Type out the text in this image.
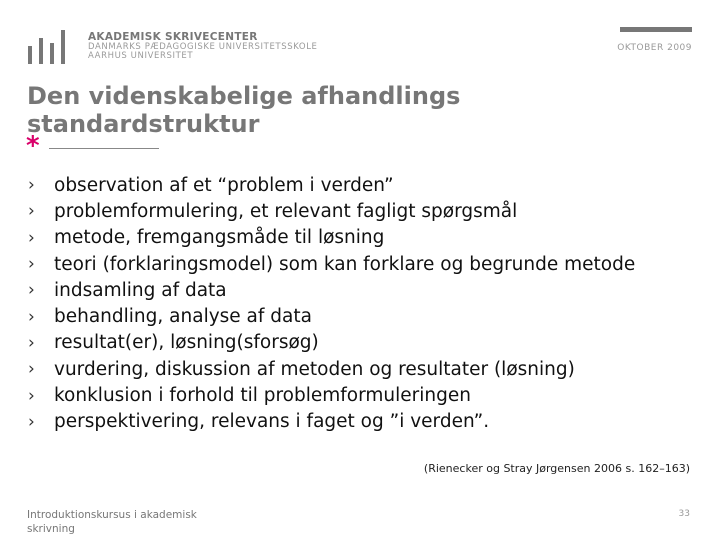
AKADEMISK SKRIVECENTER
DANMARKS PÆDAGOGISKE UNIVERSITETSSKOLE
AARHUS UNIVERSITET
OKTOBER 2009
Den videnskabelige afhandlings standardstruktur
*
›	observation af et “problem i verden”
›	problemformulering, et relevant fagligt spørgsmål
›	metode, fremgangsmåde til løsning
›	teori (forklaringsmodel) som kan forklare og begrunde metode
›	indsamling af data
›	behandling, analyse af data
›	resultat(er), løsning(sforsøg)
›	vurdering, diskussion af metoden og resultater (løsning)
›	konklusion i forhold til problemformuleringen
›	perspektivering, relevans i faget og ”i verden”.
(Rienecker og Stray Jørgensen 2006 s. 162–163)
Introduktionskursus i akademisk skrivning
33
